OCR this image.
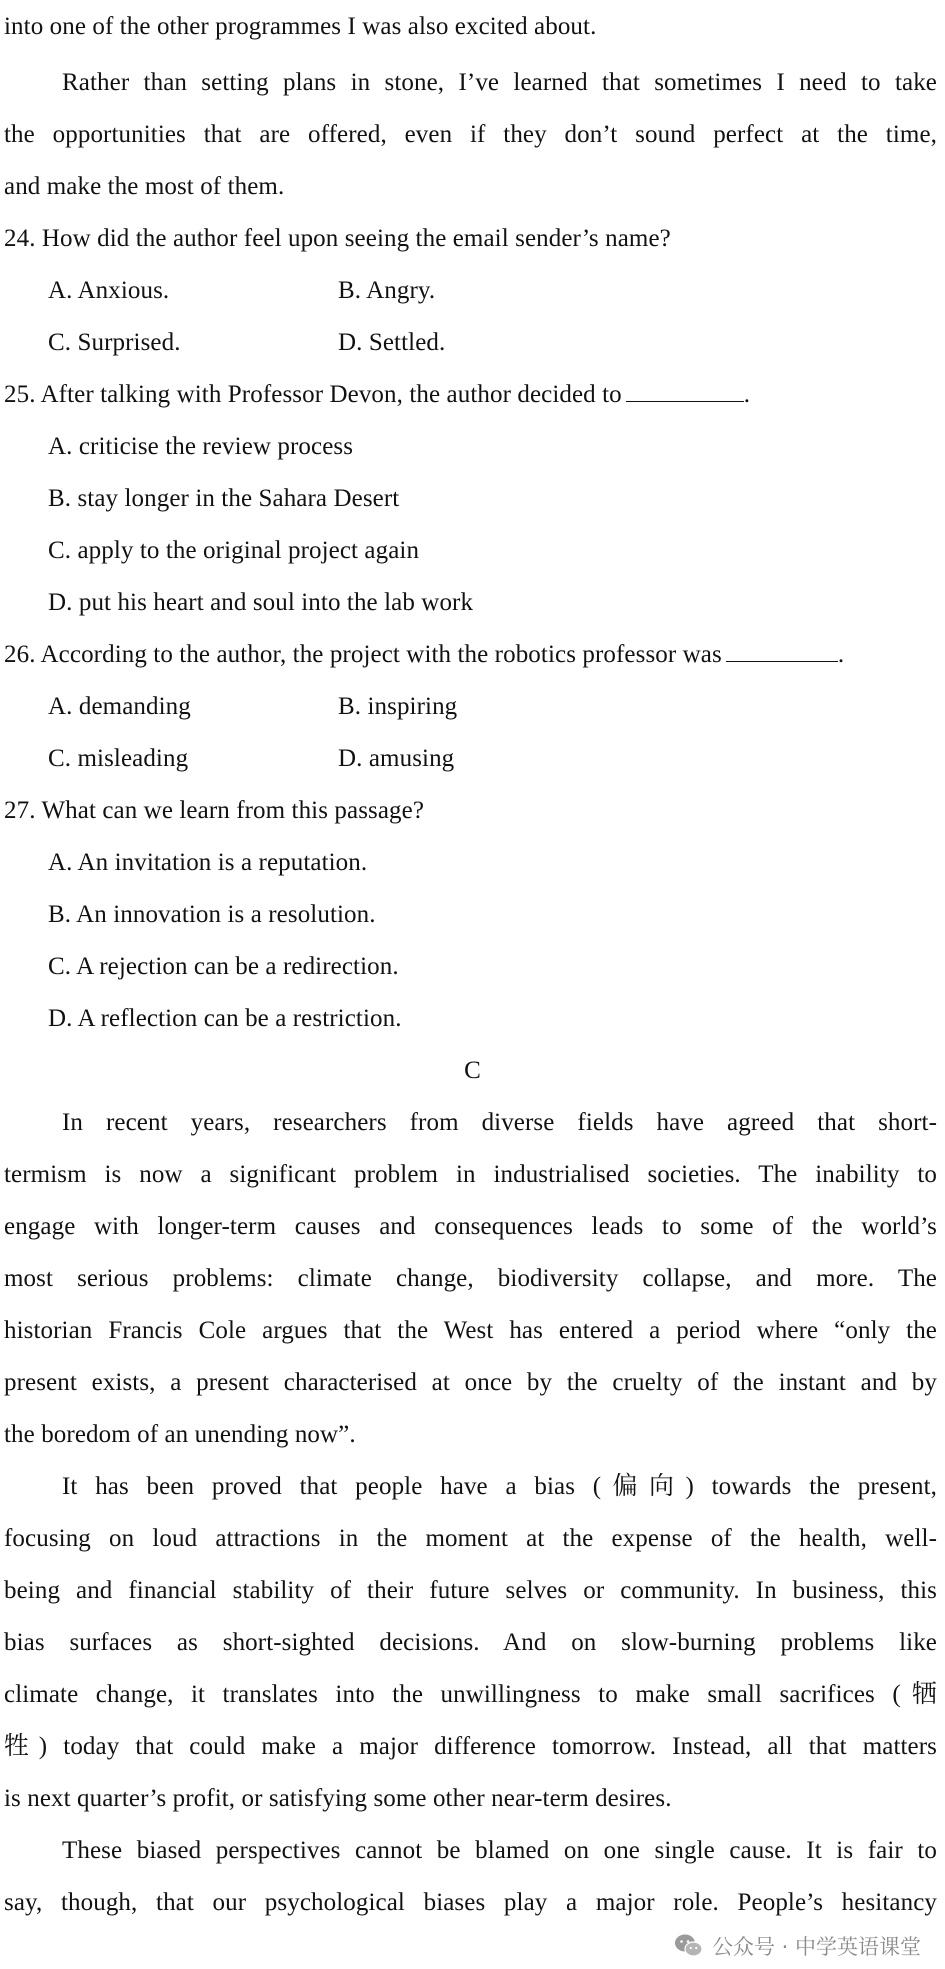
into one of the other programmes I was also excited about.
Rather than setting plans in stone, I’ve learned that sometimes I need to take
the opportunities that are offered, even if they don’t sound perfect at the time,
and make the most of them.
24. How did the author feel upon seeing the email sender’s name?
A. Anxious.	B. Angry.
C. Surprised.	D. Settled.
25. After talking with Professor Devon, the author decided to	.
A. criticise the review process
B. stay longer in the Sahara Desert
C. apply to the original project again
D. put his heart and soul into the lab work
26. According to the author, the project with the robotics professor was	.
A. demanding	B. inspiring
C. misleading	D. amusing
27. What can we learn from this passage?
A. An invitation is a reputation.
B. An innovation is a resolution.
C. A rejection can be a redirection.
D. A reflection can be a restriction.
C
In recent years, researchers from diverse fields have agreed that short-
termism is now a significant problem in industrialised societies. The inability to
engage with longer-term causes and consequences leads to some of the world’s
most serious problems: climate change, biodiversity collapse, and more. The
historian Francis Cole argues that the West has entered a period where “only the
present exists, a present characterised at once by the cruelty of the instant and by
the boredom of an unending now”.
It has been proved that people have a bias (偏向) towards the present,
focusing on loud attractions in the moment at the expense of the health, well-
being and financial stability of their future selves or community. In business, this
bias surfaces as short-sighted decisions. And on slow-burning problems like
climate change, it translates into the unwillingness to make small sacrifices (牺
牲) today that could make a major difference tomorrow. Instead, all that matters
is next quarter’s profit, or satisfying some other near-term desires.
These biased perspectives cannot be blamed on one single cause. It is fair to
say, though, that our psychological biases play a major role. People’s hesitancy
公众号 · 中学英语课堂
